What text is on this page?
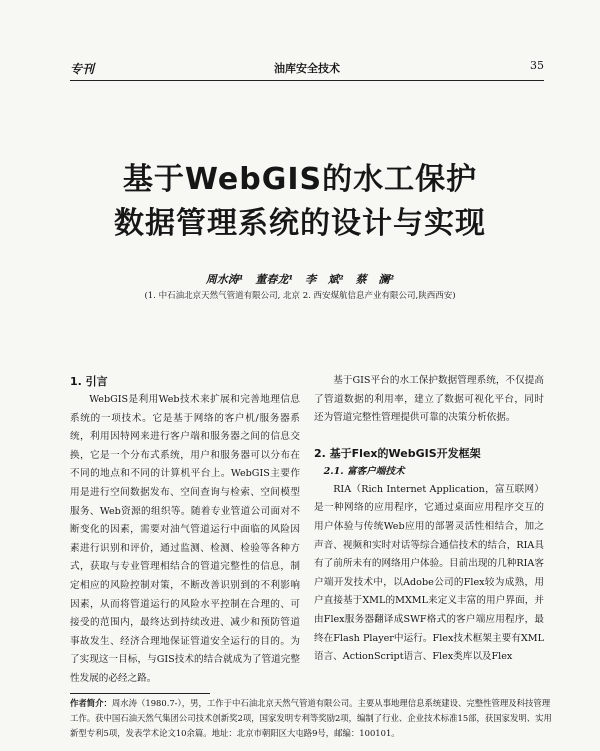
专刊	油库安全技术	35
基于WebGIS的水工保护
数据管理系统的设计与实现
周水涛¹ 董春龙¹ 李 斌² 蔡 澜²
(1. 中石油北京天然气管道有限公司, 北京 2. 西安煤航信息产业有限公司,陕西西安)
1. 引言

WebGIS是利用Web技术来扩展和完善地理信息系统的一项技术。它是基于网络的客户机/服务器系统，利用因特网来进行客户端和服务器之间的信息交换，它是一个分布式系统，用户和服务器可以分布在不同的地点和不同的计算机平台上。WebGIS主要作用是进行空间数据发布、空间查询与检索、空间模型服务、Web资源的组织等。随着专业管道公司面对不断变化的因素，需要对油气管道运行中面临的风险因素进行识别和评价，通过监测、检测、检验等各种方式，获取与专业管理相结合的管道完整性的信息，制定相应的风险控制对策，不断改善识别到的不利影响因素，从而将管道运行的风险水平控制在合理的、可接受的范围内，最终达到持续改进、减少和预防管道事故发生、经济合理地保证管道安全运行的目的。为了实现这一目标，与GIS技术的结合就成为了管道完整性发展的必经之路。

基于GIS平台的水工保护数据管理系统，不仅提高了管道数据的利用率，建立了数据可视化平台，同时还为管道完整性管理提供可靠的决策分析依据。

2. 基于Flex的WebGIS开发框架
2.1. 富客户端技术

RIA（Rich Internet Application，富互联网）是一种网络的应用程序，它通过桌面应用程序交互的用户体验与传统Web应用的部署灵活性相结合，加之声音、视频和实时对话等综合通信技术的结合，RIA具有了前所未有的网络用户体验。目前出现的几种RIA客户端开发技术中，以Adobe公司的Flex较为成熟，用户直接基于XML的MXML来定义丰富的用户界面，并由Flex服务器翻译成SWF格式的客户端应用程序，最终在Flash Player中运行。Flex技术框架主要有XML语言、ActionScript语言、Flex类库以及Flex

作者简介：周水涛（1980.7-），男，工作于中石油北京天然气管道有限公司。主要从事地理信息系统建设、完整性管理及科技管理工作。获中国石油天然气集团公司技术创新奖2项，国家发明专利等奖励2项，编制了行业、企业技术标准15部，获国家发明、实用新型专利5项，发表学术论文10余篇。地址：北京市朝阳区大屯路9号，邮编：100101。
